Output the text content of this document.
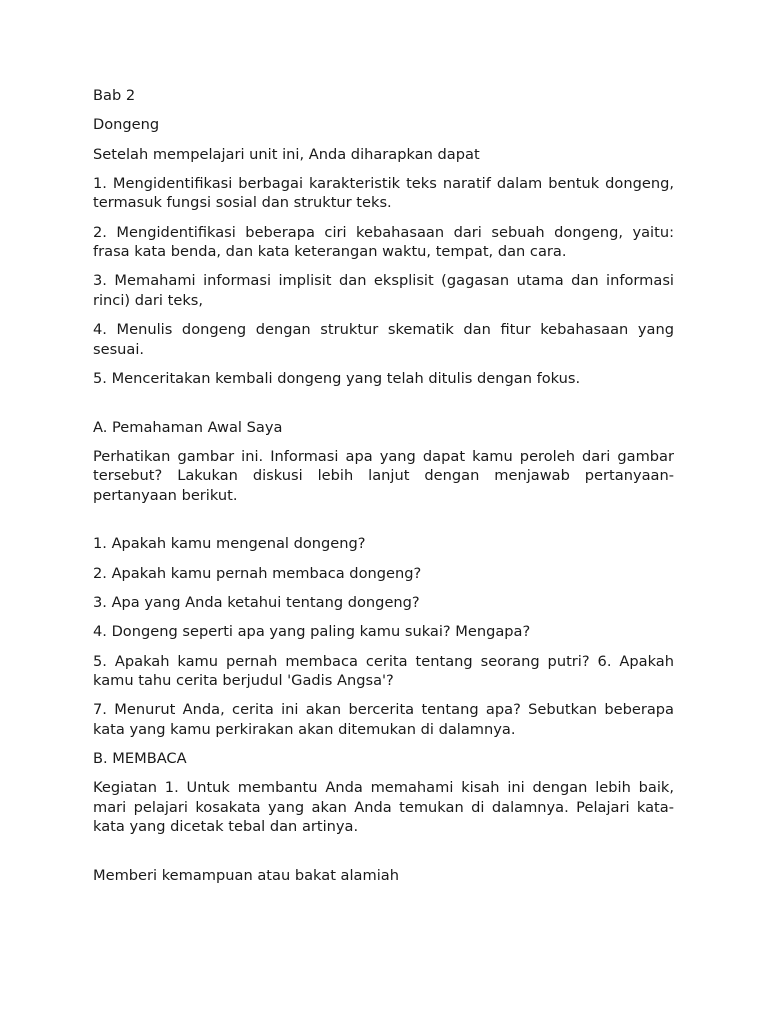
Bab 2

Dongeng

Setelah mempelajari unit ini, Anda diharapkan dapat

1. Mengidentifikasi berbagai karakteristik teks naratif dalam bentuk dongeng, termasuk fungsi sosial dan struktur teks.

2. Mengidentifikasi beberapa ciri kebahasaan dari sebuah dongeng, yaitu: frasa kata benda, dan kata keterangan waktu, tempat, dan cara.

3. Memahami informasi implisit dan eksplisit (gagasan utama dan informasi rinci) dari teks,

4. Menulis dongeng dengan struktur skematik dan fitur kebahasaan yang sesuai.

5. Menceritakan kembali dongeng yang telah ditulis dengan fokus.

A. Pemahaman Awal Saya

Perhatikan gambar ini. Informasi apa yang dapat kamu peroleh dari gambar tersebut? Lakukan diskusi lebih lanjut dengan menjawab pertanyaan-pertanyaan berikut.

1. Apakah kamu mengenal dongeng?

2. Apakah kamu pernah membaca dongeng?

3. Apa yang Anda ketahui tentang dongeng?

4. Dongeng seperti apa yang paling kamu sukai? Mengapa?

5. Apakah kamu pernah membaca cerita tentang seorang putri? 6. Apakah kamu tahu cerita berjudul 'Gadis Angsa'?

7. Menurut Anda, cerita ini akan bercerita tentang apa? Sebutkan beberapa kata yang kamu perkirakan akan ditemukan di dalamnya.

B. MEMBACA

Kegiatan 1. Untuk membantu Anda memahami kisah ini dengan lebih baik, mari pelajari kosakata yang akan Anda temukan di dalamnya. Pelajari kata-kata yang dicetak tebal dan artinya.

Memberi kemampuan atau bakat alamiah
